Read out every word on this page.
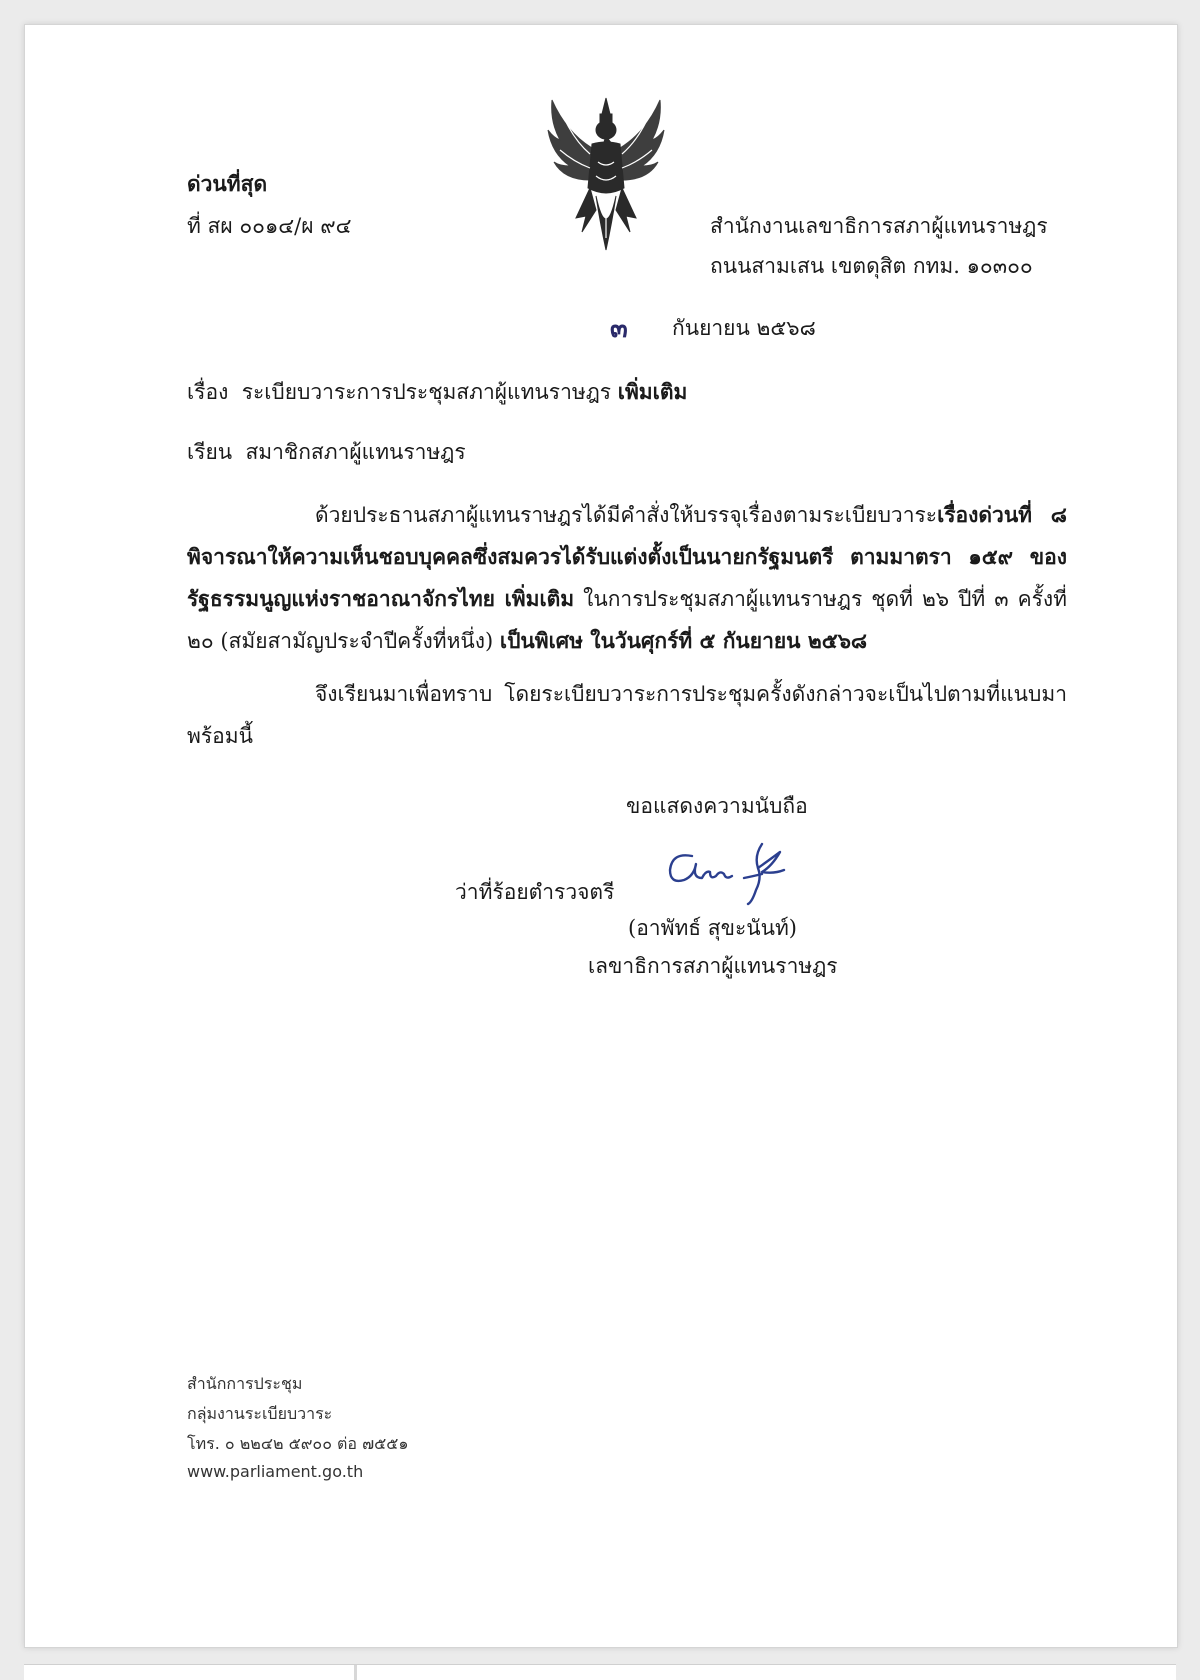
ด่วนที่สุด
ที่ สผ ๐๐๑๔/ผ ๙๔	สำนักงานเลขาธิการสภาผู้แทนราษฎร
ถนนสามเสน เขตดุสิต กทม. ๑๐๓๐๐
๓ กันยายน ๒๕๖๘
เรื่อง ระเบียบวาระการประชุมสภาผู้แทนราษฎร เพิ่มเติม
เรียน สมาชิกสภาผู้แทนราษฎร
ด้วยประธานสภาผู้แทนราษฎรได้มีคำสั่งให้บรรจุเรื่องตามระเบียบวาระเรื่องด่วนที่ ๘ พิจารณาให้ความเห็นชอบบุคคลซึ่งสมควรได้รับแต่งตั้งเป็นนายกรัฐมนตรี ตามมาตรา ๑๕๙ ของรัฐธรรมนูญแห่งราชอาณาจักรไทย เพิ่มเติม ในการประชุมสภาผู้แทนราษฎร ชุดที่ ๒๖ ปีที่ ๓ ครั้งที่ ๒๐ (สมัยสามัญประจำปีครั้งที่หนึ่ง) เป็นพิเศษ ในวันศุกร์ที่ ๕ กันยายน ๒๕๖๘
จึงเรียนมาเพื่อทราบ โดยระเบียบวาระการประชุมครั้งดังกล่าวจะเป็นไปตามที่แนบมาพร้อมนี้
ขอแสดงความนับถือ
ว่าที่ร้อยตำรวจตรี
(อาพัทธ์ สุขะนันท์)
เลขาธิการสภาผู้แทนราษฎร
สำนักการประชุม
กลุ่มงานระเบียบวาระ
โทร. ๐ ๒๒๔๒ ๕๙๐๐ ต่อ ๗๕๕๑
www.parliament.go.th
